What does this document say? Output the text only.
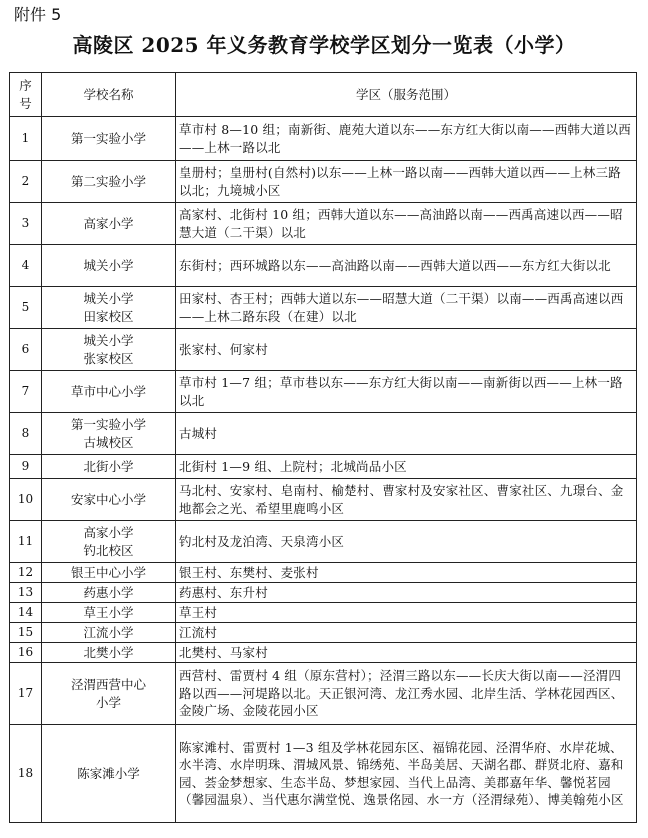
附件 5
高陵区 2025 年义务教育学校学区划分一览表（小学）
序
号	学校名称	学区（服务范围）
1	第一实验小学	草市村 8—10 组；南新街、鹿苑大道以东——东方红大街以南——西韩大道以西——上林一路以北
2	第二实验小学	皇册村；皇册村(自然村)以东——上林一路以南——西韩大道以西——上林三路以北；九境城小区
3	高家小学	高家村、北街村 10 组；西韩大道以东——高油路以南——西禹高速以西——昭慧大道（二干渠）以北
4	城关小学	东街村；西环城路以东——高油路以南——西韩大道以西——东方红大街以北
5	城关小学
田家校区	田家村、杏王村；西韩大道以东——昭慧大道（二干渠）以南——西禹高速以西——上林二路东段（在建）以北
6	城关小学
张家校区	张家村、何家村
7	草市中心小学	草市村 1—7 组；草市巷以东——东方红大街以南——南新街以西——上林一路以北
8	第一实验小学
古城校区	古城村
9	北街小学	北街村 1—9 组、上院村；北城尚品小区
10	安家中心小学	马北村、安家村、皂南村、榆楚村、曹家村及安家社区、曹家社区、九璟台、金地都会之光、希望里鹿鸣小区
11	高家小学
钓北校区	钓北村及龙泊湾、天泉湾小区
12	银王中心小学	银王村、东樊村、麦张村
13	药惠小学	药惠村、东升村
14	草王小学	草王村
15	江流小学	江流村
16	北樊小学	北樊村、马家村
17	泾渭西营中心
小学	西营村、雷贾村 4 组（原东营村）；泾渭三路以东——长庆大街以南——泾渭四路以西——河堤路以北。天正银河湾、龙江秀水园、北岸生活、学林花园西区、金陵广场、金陵花园小区
18	陈家滩小学	陈家滩村、雷贾村 1—3 组及学林花园东区、福锦花园、泾渭华府、水岸花城、水半湾、水岸明珠、渭城风景、锦绣苑、半岛美居、天湖名郡、群贤北府、嘉和园、荟金梦想家、生态半岛、梦想家园、当代上品湾、美郡嘉年华、馨悦茗园（馨园温泉）、当代惠尔满堂悦、逸景佲园、水一方（泾渭绿苑）、博美翰苑小区
